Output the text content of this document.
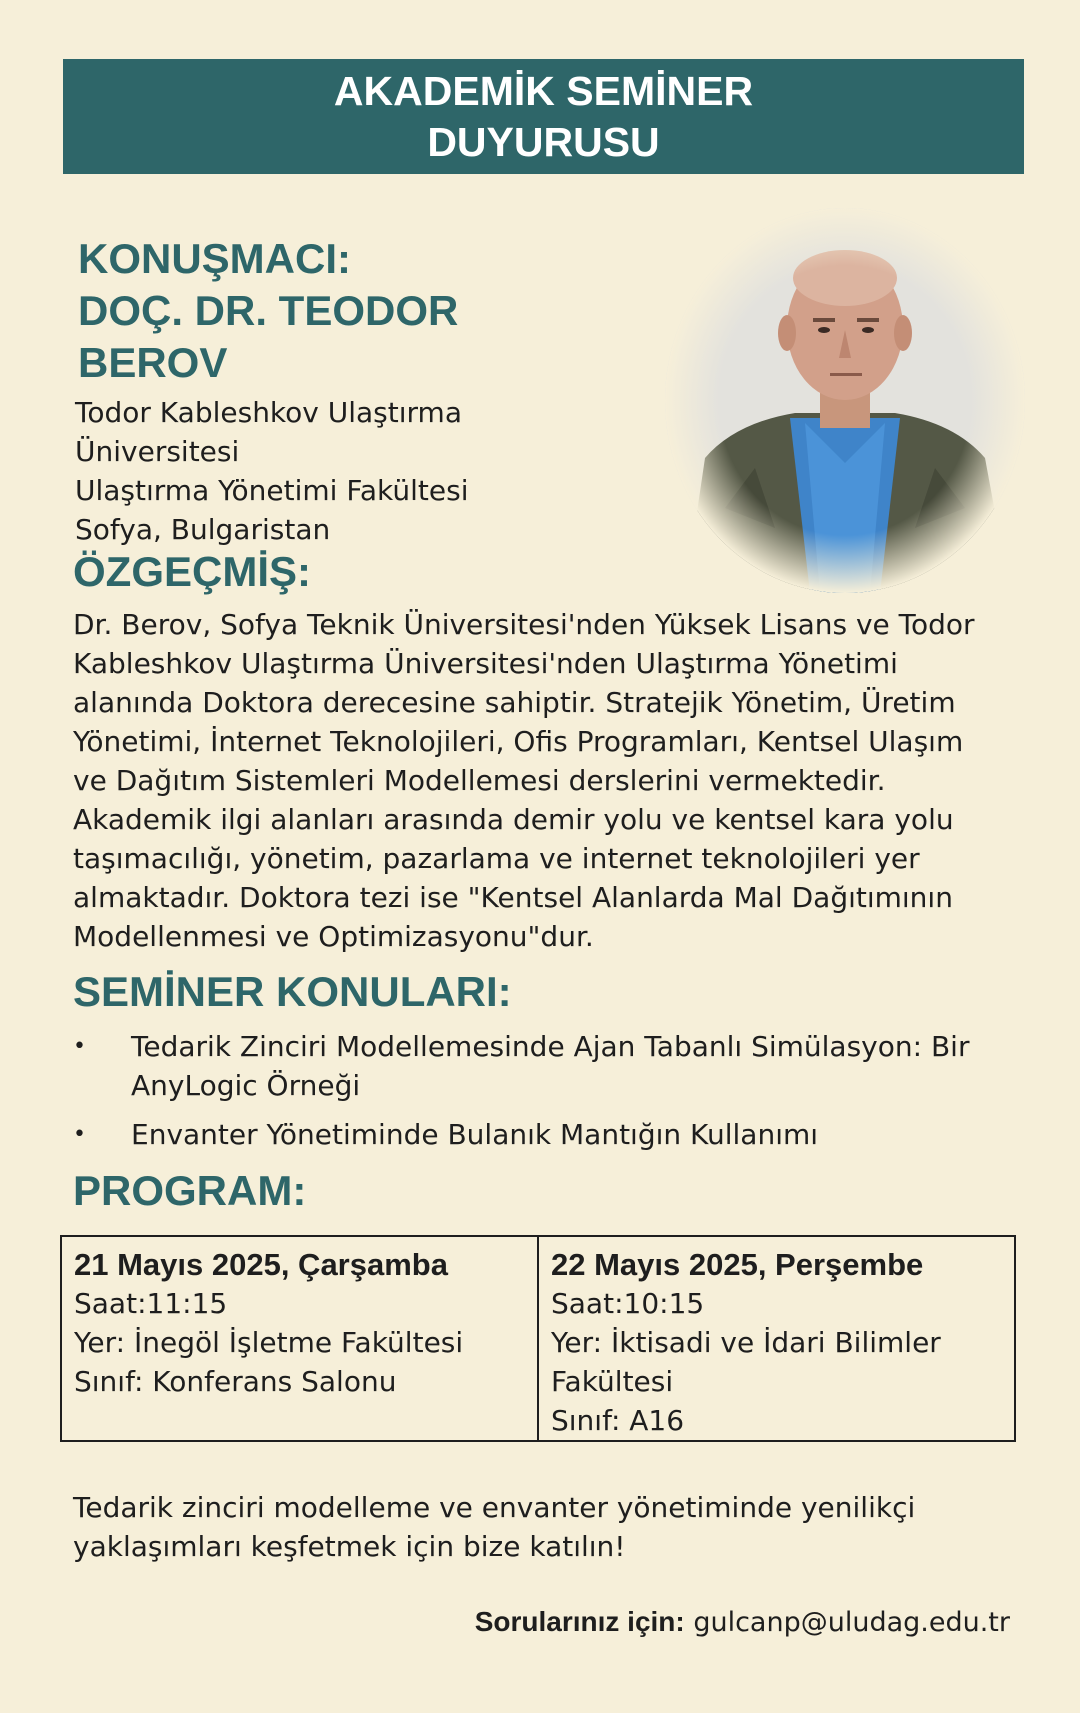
AKADEMİK SEMİNER
DUYURUSU
KONUŞMACI:
DOÇ. DR. TEODOR
BEROV
Todor Kableshkov Ulaştırma
Üniversitesi
Ulaştırma Yönetimi Fakültesi
Sofya, Bulgaristan
ÖZGEÇMİŞ:
Dr. Berov, Sofya Teknik Üniversitesi'nden Yüksek Lisans ve Todor
Kableshkov Ulaştırma Üniversitesi'nden Ulaştırma Yönetimi
alanında Doktora derecesine sahiptir. Stratejik Yönetim, Üretim
Yönetimi, İnternet Teknolojileri, Ofis Programları, Kentsel Ulaşım
ve Dağıtım Sistemleri Modellemesi derslerini vermektedir.
Akademik ilgi alanları arasında demir yolu ve kentsel kara yolu
taşımacılığı, yönetim, pazarlama ve internet teknolojileri yer
almaktadır. Doktora tezi ise "Kentsel Alanlarda Mal Dağıtımının
Modellenmesi ve Optimizasyonu"dur.
SEMİNER KONULARI:
•	Tedarik Zinciri Modellemesinde Ajan Tabanlı Simülasyon: Bir
AnyLogic Örneği
•	Envanter Yönetiminde Bulanık Mantığın Kullanımı
PROGRAM:
21 Mayıs 2025, Çarşamba
Saat:11:15
Yer: İnegöl İşletme Fakültesi
Sınıf: Konferans Salonu
22 Mayıs 2025, Perşembe
Saat:10:15
Yer: İktisadi ve İdari Bilimler
Fakültesi
Sınıf: A16
Tedarik zinciri modelleme ve envanter yönetiminde yenilikçi
yaklaşımları keşfetmek için bize katılın!
Sorularınız için: gulcanp@uludag.edu.tr
